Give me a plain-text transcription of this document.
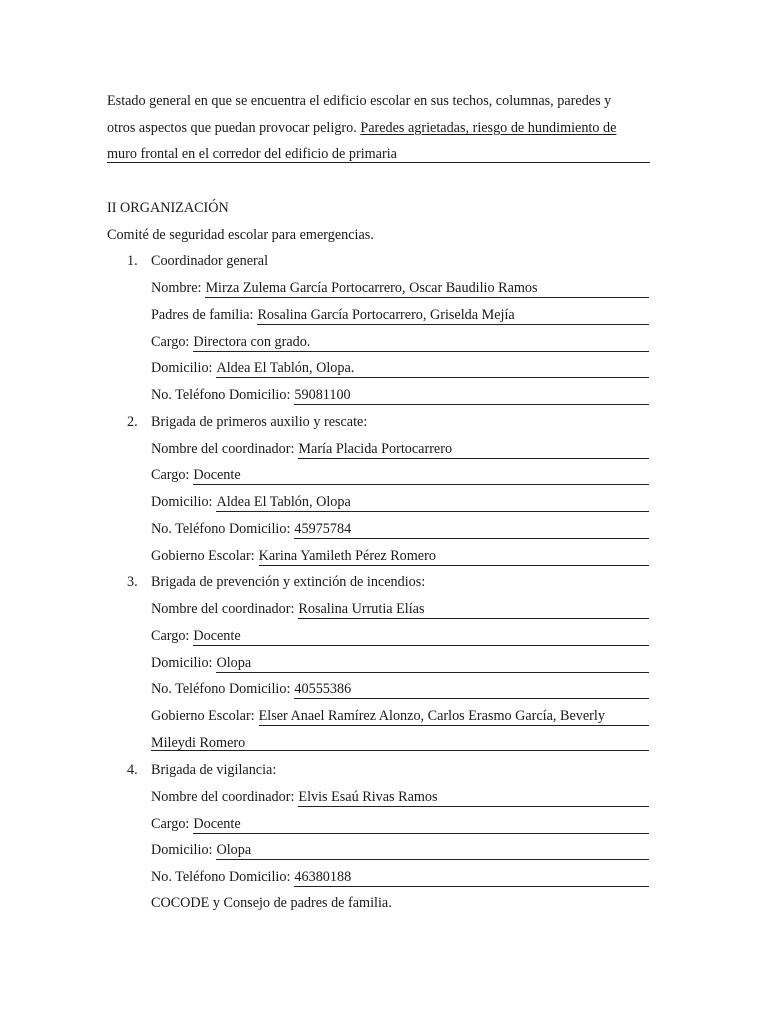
Estado general en que se encuentra el edificio escolar en sus techos, columnas, paredes y
otros aspectos que puedan provocar peligro. Paredes agrietadas, riesgo de hundimiento de
muro frontal en el corredor del edificio de primaria
II ORGANIZACIÓN
Comité de seguridad escolar para emergencias.
1. Coordinador general
Nombre: Mirza Zulema García Portocarrero, Oscar Baudilio Ramos
Padres de familia: Rosalina García Portocarrero, Griselda Mejía
Cargo: Directora con grado.
Domicilio: Aldea El Tablón, Olopa.
No. Teléfono Domicilio: 59081100
2. Brigada de primeros auxilio y rescate:
Nombre del coordinador: María Placida Portocarrero
Cargo: Docente
Domicilio: Aldea El Tablón, Olopa
No. Teléfono Domicilio: 45975784
Gobierno Escolar: Karina Yamileth Pérez Romero
3. Brigada de prevención y extinción de incendios:
Nombre del coordinador: Rosalina Urrutia Elías
Cargo: Docente
Domicilio: Olopa
No. Teléfono Domicilio: 40555386
Gobierno Escolar: Elser Anael Ramírez Alonzo, Carlos Erasmo García, Beverly
Mileydi Romero
4. Brigada de vigilancia:
Nombre del coordinador: Elvis Esaú Rivas Ramos
Cargo: Docente
Domicilio: Olopa
No. Teléfono Domicilio: 46380188
COCODE y Consejo de padres de familia.
